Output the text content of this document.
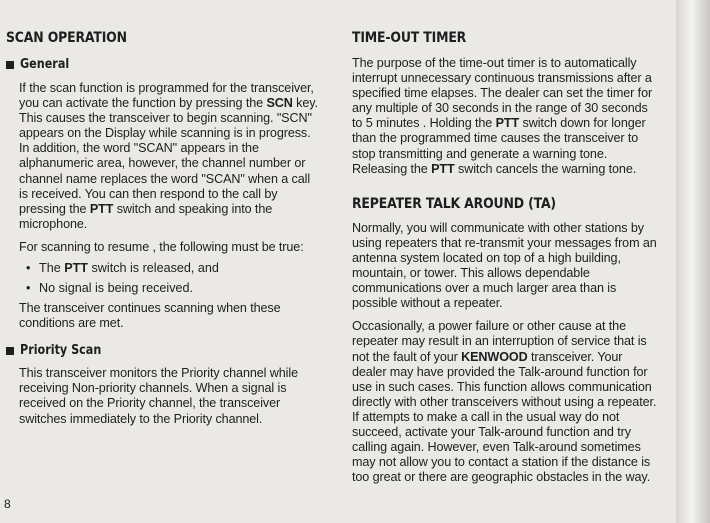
SCAN OPERATION
General

If the scan function is programmed for the transceiver, you can activate the function by pressing the SCN key. This causes the transceiver to begin scanning. "SCN" appears on the Display while scanning is in progress. In addition, the word "SCAN" appears in the alphanumeric area, however, the channel number or channel name replaces the word "SCAN" when a call is received. You can then respond to the call by pressing the PTT switch and speaking into the microphone.

For scanning to resume , the following must be true:

• The PTT switch is released, and
• No signal is being received.

The transceiver continues scanning when these conditions are met.

Priority Scan

This transceiver monitors the Priority channel while receiving Non-priority channels. When a signal is received on the Priority channel, the transceiver switches immediately to the Priority channel.

TIME-OUT TIMER

The purpose of the time-out timer is to automatically interrupt unnecessary continuous transmissions after a specified time elapses. The dealer can set the timer for any multiple of 30 seconds in the range of 30 seconds to 5 minutes . Holding the PTT switch down for longer than the programmed time causes the transceiver to stop transmitting and generate a warning tone. Releasing the PTT switch cancels the warning tone.

REPEATER TALK AROUND (TA)

Normally, you will communicate with other stations by using repeaters that re-transmit your messages from an antenna system located on top of a high building, mountain, or tower. This allows dependable communications over a much larger area than is possible without a repeater.

Occasionally, a power failure or other cause at the repeater may result in an interruption of service that is not the fault of your KENWOOD transceiver. Your dealer may have provided the Talk-around function for use in such cases. This function allows communication directly with other transceivers without using a repeater. If attempts to make a call in the usual way do not succeed, activate your Talk-around function and try calling again. However, even Talk-around sometimes may not allow you to contact a station if the distance is too great or there are geographic obstacles in the way.

8
